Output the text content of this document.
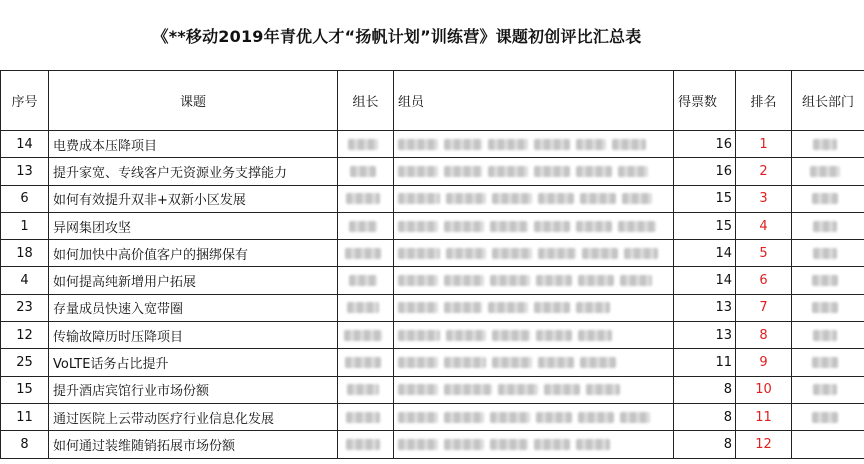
《**移动2019年青优人才“扬帆计划”训练营》课题初创评比汇总表
序号	课题	组长	组员	得票数	排名	组长部门
14	电费成本压降项目			16	1	
13	提升家宽、专线客户无资源业务支撑能力			16	2	
6	如何有效提升双非+双新小区发展			15	3	
1	异网集团攻坚			15	4	
18	如何加快中高价值客户的捆绑保有			14	5	
4	如何提高纯新增用户拓展			14	6	
23	存量成员快速入宽带圈			13	7	
12	传输故障历时压降项目			13	8	
25	VoLTE话务占比提升			11	9	
15	提升酒店宾馆行业市场份额			8	10	
11	通过医院上云带动医疗行业信息化发展			8	11	
8	如何通过装维随销拓展市场份额			8	12	
